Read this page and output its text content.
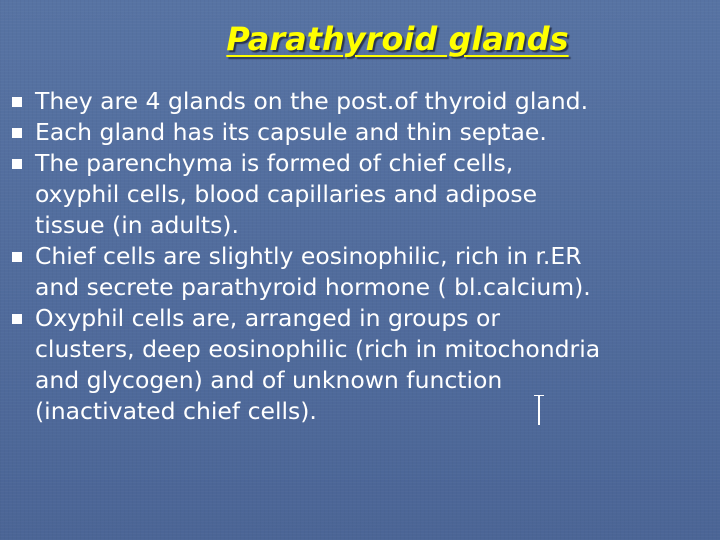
Parathyroid glands
They are 4 glands on the post.of thyroid gland.
Each gland has its capsule and thin septae.
The parenchyma is formed of chief cells,
oxyphil cells, blood capillaries and adipose
tissue (in adults).
Chief cells are slightly eosinophilic, rich in r.ER
and secrete parathyroid hormone ( bl.calcium).
Oxyphil cells are, arranged in groups or
clusters, deep eosinophilic (rich in mitochondria
and glycogen) and of unknown function
(inactivated chief cells).
